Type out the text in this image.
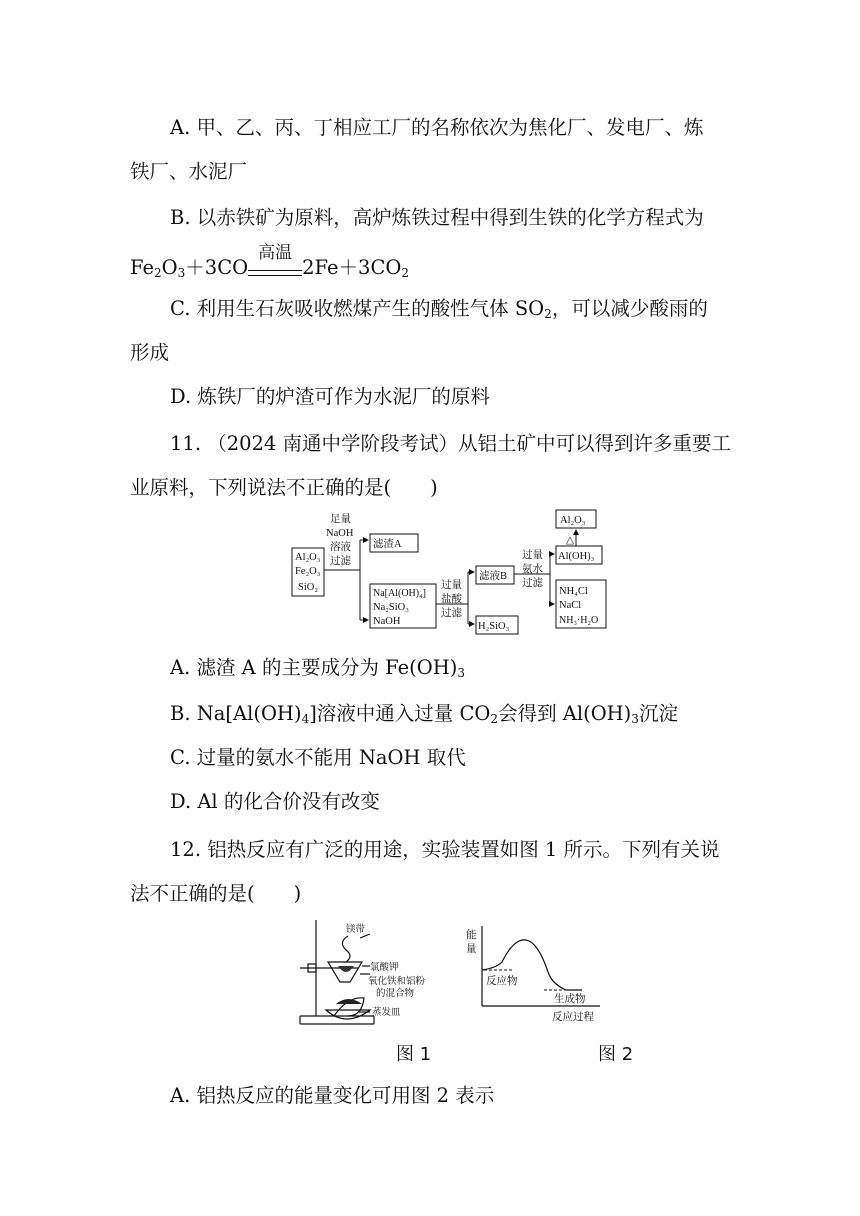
A. 甲、乙、丙、丁相应工厂的名称依次为焦化厂、发电厂、炼
铁厂、水泥厂
B. 以赤铁矿为原料，高炉炼铁过程中得到生铁的化学方程式为
$Fe_2O_3+3CO$
高温
$2Fe+3CO_2$
C. 利用生石灰吸收燃煤产生的酸性气体 $SO_2$，可以减少酸雨的
形成
D. 炼铁厂的炉渣可作为水泥厂的原料
11. （2024 南通中学阶段考试）从铝土矿中可以得到许多重要工
业原料，下列说法不正确的是(　　)
Al₂O₃
Fe₂O₃
SiO₂
足量
NaOH
溶液
过滤
滤渣A
Na[Al(OH)₄]
Na₂SiO₃
NaOH
过量
盐酸
过滤
滤液B
H₂SiO₃
过量
氨水
过滤
Al(OH)₃
△
Al₂O₃
NH₄Cl
NaCl
NH₃·H₂O
A. 滤渣 A 的主要成分为 $Fe(OH)_3$
B. $Na[Al(OH)_4]$溶液中通入过量 $CO_2$会得到 $Al(OH)_3$沉淀
C. 过量的氨水不能用 NaOH 取代
D. Al 的化合价没有改变
12. 铝热反应有广泛的用途，实验装置如图 1 所示。下列有关说
法不正确的是(　　)
镁带
氯酸钾
氧化铁和铝粉
的混合物
蒸发皿
能
量
反应物
生成物
反应过程
图 1	图 2
A. 铝热反应的能量变化可用图 2 表示
